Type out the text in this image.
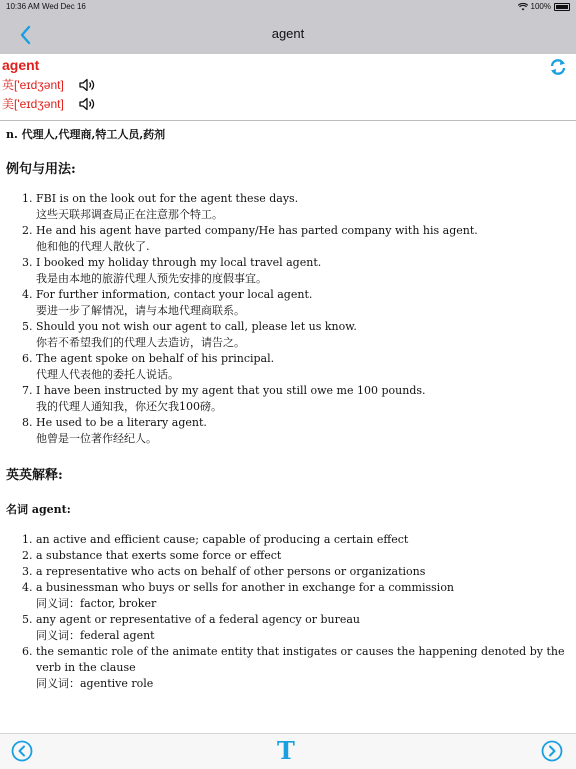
10:36 AM Wed Dec 16	100%
agent
agent
英['eɪdʒənt]
美['eɪdʒənt]
n. 代理人,代理商,特工人员,药剂
例句与用法:
1. FBI is on the look out for the agent these days.
这些天联邦调查局正在注意那个特工。
2. He and his agent have parted company/He has parted company with his agent.
他和他的代理人散伙了.
3. I booked my holiday through my local travel agent.
我是由本地的旅游代理人预先安排的度假事宜。
4. For further information, contact your local agent.
要进一步了解情况，请与本地代理商联系。
5. Should you not wish our agent to call, please let us know.
你若不希望我们的代理人去造访，请告之。
6. The agent spoke on behalf of his principal.
代理人代表他的委托人说话。
7. I have been instructed by my agent that you still owe me 100 pounds.
我的代理人通知我，你还欠我100磅。
8. He used to be a literary agent.
他曾是一位著作经纪人。
英英解释:
名词 agent:
1. an active and efficient cause; capable of producing a certain effect
2. a substance that exerts some force or effect
3. a representative who acts on behalf of other persons or organizations
4. a businessman who buys or sells for another in exchange for a commission
同义词：factor, broker
5. any agent or representative of a federal agency or bureau
同义词：federal agent
6. the semantic role of the animate entity that instigates or causes the happening denoted by the verb in the clause
同义词：agentive role
T
